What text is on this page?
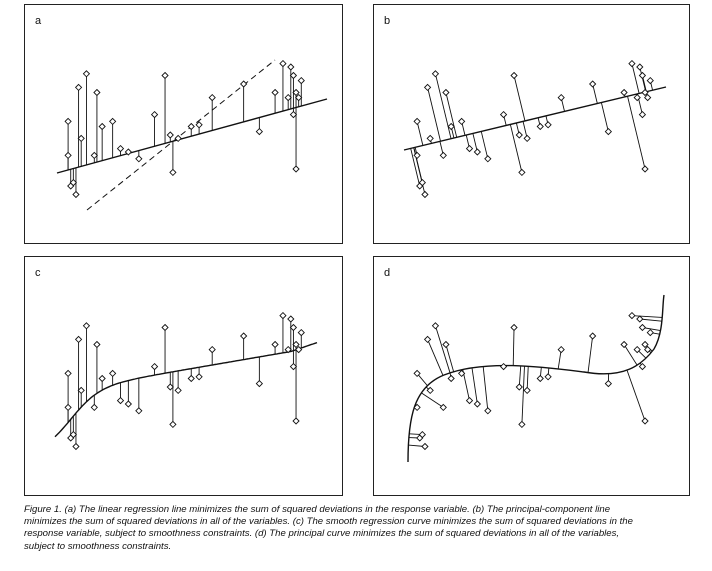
a	b
c	d
Figure 1. (a) The linear regression line minimizes the sum of squared deviations in the response variable. (b) The principal-component line
minimizes the sum of squared deviations in all of the variables. (c) The smooth regression curve minimizes the sum of squared deviations in the
response variable, subject to smoothness constraints. (d) The principal curve minimizes the sum of squared deviations in all of the variables,
subject to smoothness constraints.
